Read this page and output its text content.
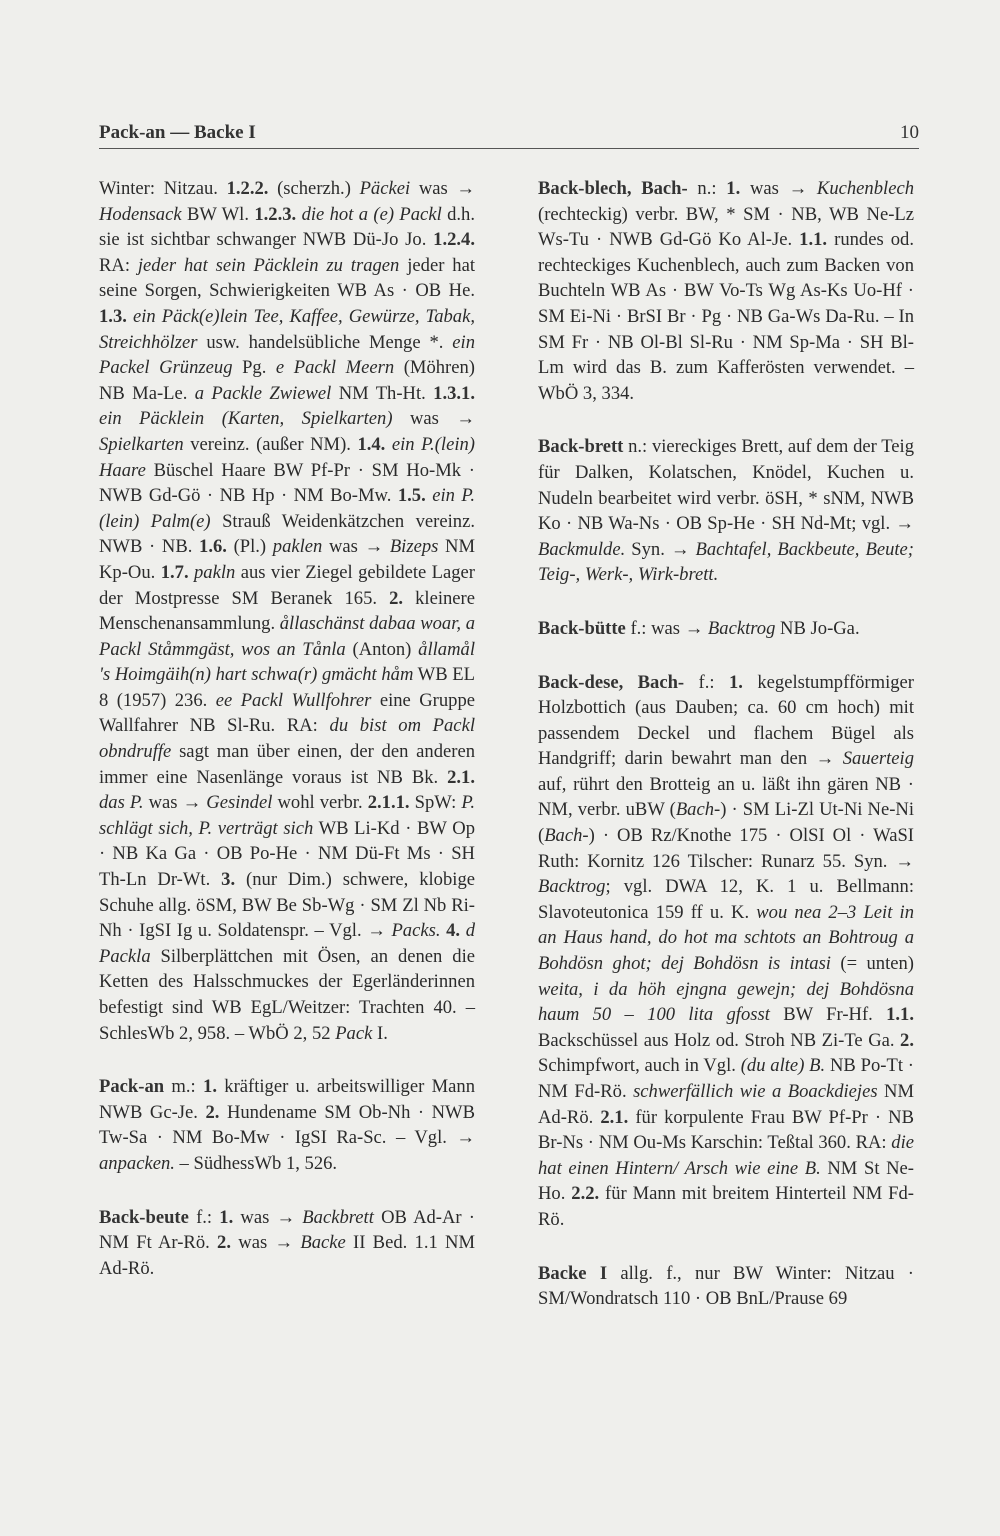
Pack-an — Backe I	10

Winter: Nitzau. 1.2.2. (scherzh.) Päckei was → Hodensack BW Wl. 1.2.3. die hot a (e) Packl d.h. sie ist sichtbar schwanger NWB Dü-Jo Jo. 1.2.4. RA: jeder hat sein Päcklein zu tragen jeder hat seine Sorgen, Schwierigkeiten WB As · OB He. 1.3. ein Päck(e)lein Tee, Kaffee, Gewürze, Tabak, Streichhölzer usw. handelsübliche Menge *. ein Packel Grünzeug Pg. e Packl Meern (Möhren) NB Ma-Le. a Packle Zwiewel NM Th-Ht. 1.3.1. ein Päcklein (Karten, Spielkarten) was → Spielkarten vereinz. (außer NM). 1.4. ein P.(lein) Haare Büschel Haare BW Pf-Pr · SM Ho-Mk · NWB Gd-Gö · NB Hp · NM Bo-Mw. 1.5. ein P.(lein) Palm(e) Strauß Weidenkätzchen vereinz. NWB · NB. 1.6. (Pl.) paklen was → Bizeps NM Kp-Ou. 1.7. pakln aus vier Ziegel gebildete Lager der Mostpresse SM Beranek 165. 2. kleinere Menschenansammlung. ållaschänst dabaa woar, a Packl Ståmmgäst, wos an Tånla (Anton) ållamål 's Hoimgäih(n) hart schwa(r) gmächt håm WB EL 8 (1957) 236. ee Packl Wullfohrer eine Gruppe Wallfahrer NB Sl-Ru. RA: du bist om Packl obndruffe sagt man über einen, der den anderen immer eine Nasenlänge voraus ist NB Bk. 2.1. das P. was → Gesindel wohl verbr. 2.1.1. SpW: P. schlägt sich, P. verträgt sich WB Li-Kd · BW Op · NB Ka Ga · OB Po-He · NM Dü-Ft Ms · SH Th-Ln Dr-Wt. 3. (nur Dim.) schwere, klobige Schuhe allg. öSM, BW Be Sb-Wg · SM Zl Nb Ri-Nh · IgSI Ig u. Soldatenspr. – Vgl. → Packs. 4. d Packla Silberplättchen mit Ösen, an denen die Ketten des Halsschmuckes der Egerländerinnen befestigt sind WB EgL/Weitzer: Trachten 40. – SchlesWb 2, 958. – WbÖ 2, 52 Pack I.

Pack-an m.: 1. kräftiger u. arbeitswilliger Mann NWB Gc-Je. 2. Hundename SM Ob-Nh · NWB Tw-Sa · NM Bo-Mw · IgSI Ra-Sc. – Vgl. → anpacken. – SüdhessWb 1, 526.

Back-beute f.: 1. was → Backbrett OB Ad-Ar · NM Ft Ar-Rö. 2. was → Backe II Bed. 1.1 NM Ad-Rö.

Back-blech, Bach- n.: 1. was → Kuchenblech (rechteckig) verbr. BW, * SM · NB, WB Ne-Lz Ws-Tu · NWB Gd-Gö Ko Al-Je. 1.1. rundes od. rechteckiges Kuchenblech, auch zum Backen von Buchteln WB As · BW Vo-Ts Wg As-Ks Uo-Hf · SM Ei-Ni · BrSI Br · Pg · NB Ga-Ws Da-Ru. – In SM Fr · NB Ol-Bl Sl-Ru · NM Sp-Ma · SH Bl-Lm wird das B. zum Kafferösten verwendet. – WbÖ 3, 334.

Back-brett n.: viereckiges Brett, auf dem der Teig für Dalken, Kolatschen, Knödel, Kuchen u. Nudeln bearbeitet wird verbr. öSH, * sNM, NWB Ko · NB Wa-Ns · OB Sp-He · SH Nd-Mt; vgl. → Backmulde. Syn. → Bachtafel, Backbeute, Beute; Teig-, Werk-, Wirk-brett.

Back-bütte f.: was → Backtrog NB Jo-Ga.

Back-dese, Bach- f.: 1. kegelstumpfförmiger Holzbottich (aus Dauben; ca. 60 cm hoch) mit passendem Deckel und flachem Bügel als Handgriff; darin bewahrt man den → Sauerteig auf, rührt den Brotteig an u. läßt ihn gären NB · NM, verbr. uBW (Bach-) · SM Li-Zl Ut-Ni Ne-Ni (Bach-) · OB Rz/Knothe 175 · OlSI Ol · WaSI Ruth: Kornitz 126 Tilscher: Runarz 55. Syn. → Backtrog; vgl. DWA 12, K. 1 u. Bellmann: Slavoteutonica 159 ff u. K. wou nea 2–3 Leit in an Haus hand, do hot ma schtots an Bohtroug a Bohdösn ghot; dej Bohdösn is intasi (= unten) weita, i da höh ejngna gewejn; dej Bohdösna haum 50 – 100 lita gfosst BW Fr-Hf. 1.1. Backschüssel aus Holz od. Stroh NB Zi-Te Ga. 2. Schimpfwort, auch in Vgl. (du alte) B. NB Po-Tt · NM Fd-Rö. schwerfällich wie a Boackdiejes NM Ad-Rö. 2.1. für korpulente Frau BW Pf-Pr · NB Br-Ns · NM Ou-Ms Karschin: Teßtal 360. RA: die hat einen Hintern/ Arsch wie eine B. NM St Ne-Ho. 2.2. für Mann mit breitem Hinterteil NM Fd-Rö.

Backe I allg. f., nur BW Winter: Nitzau · SM/Wondratsch 110 · OB BnL/Prause 69
